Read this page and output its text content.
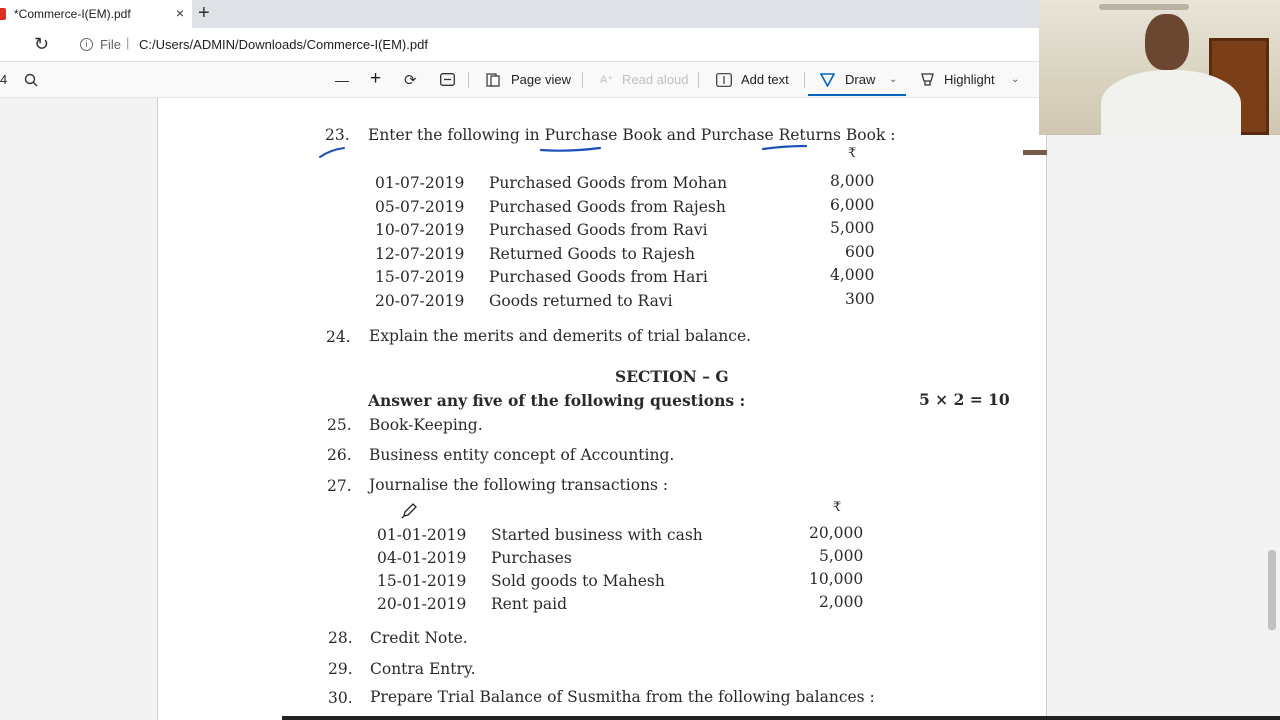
*Commerce-I(EM).pdf	× +
↻	i File | C:/Users/ADMIN/Downloads/Commerce-I(EM).pdf
4	— + ⟳	Page view	A⁺ Read aloud	Add text	Draw ⌄	Highlight ⌄
23. Enter the following in Purchase Book and Purchase Returns Book :
₹
01-07-2019 Purchased Goods from Mohan	8,000
05-07-2019 Purchased Goods from Rajesh	6,000
10-07-2019 Purchased Goods from Ravi	5,000
12-07-2019 Returned Goods to Rajesh	600
15-07-2019 Purchased Goods from Hari	4,000
20-07-2019 Goods returned to Ravi	300
24. Explain the merits and demerits of trial balance.
SECTION – G
Answer any five of the following questions :	5 × 2 = 10
25. Book-Keeping.
26. Business entity concept of Accounting.
27. Journalise the following transactions :
₹
01-01-2019 Started business with cash	20,000
04-01-2019 Purchases	5,000
15-01-2019 Sold goods to Mahesh	10,000
20-01-2019 Rent paid	2,000
28. Credit Note.
29. Contra Entry.
30. Prepare Trial Balance of Susmitha from the following balances :
